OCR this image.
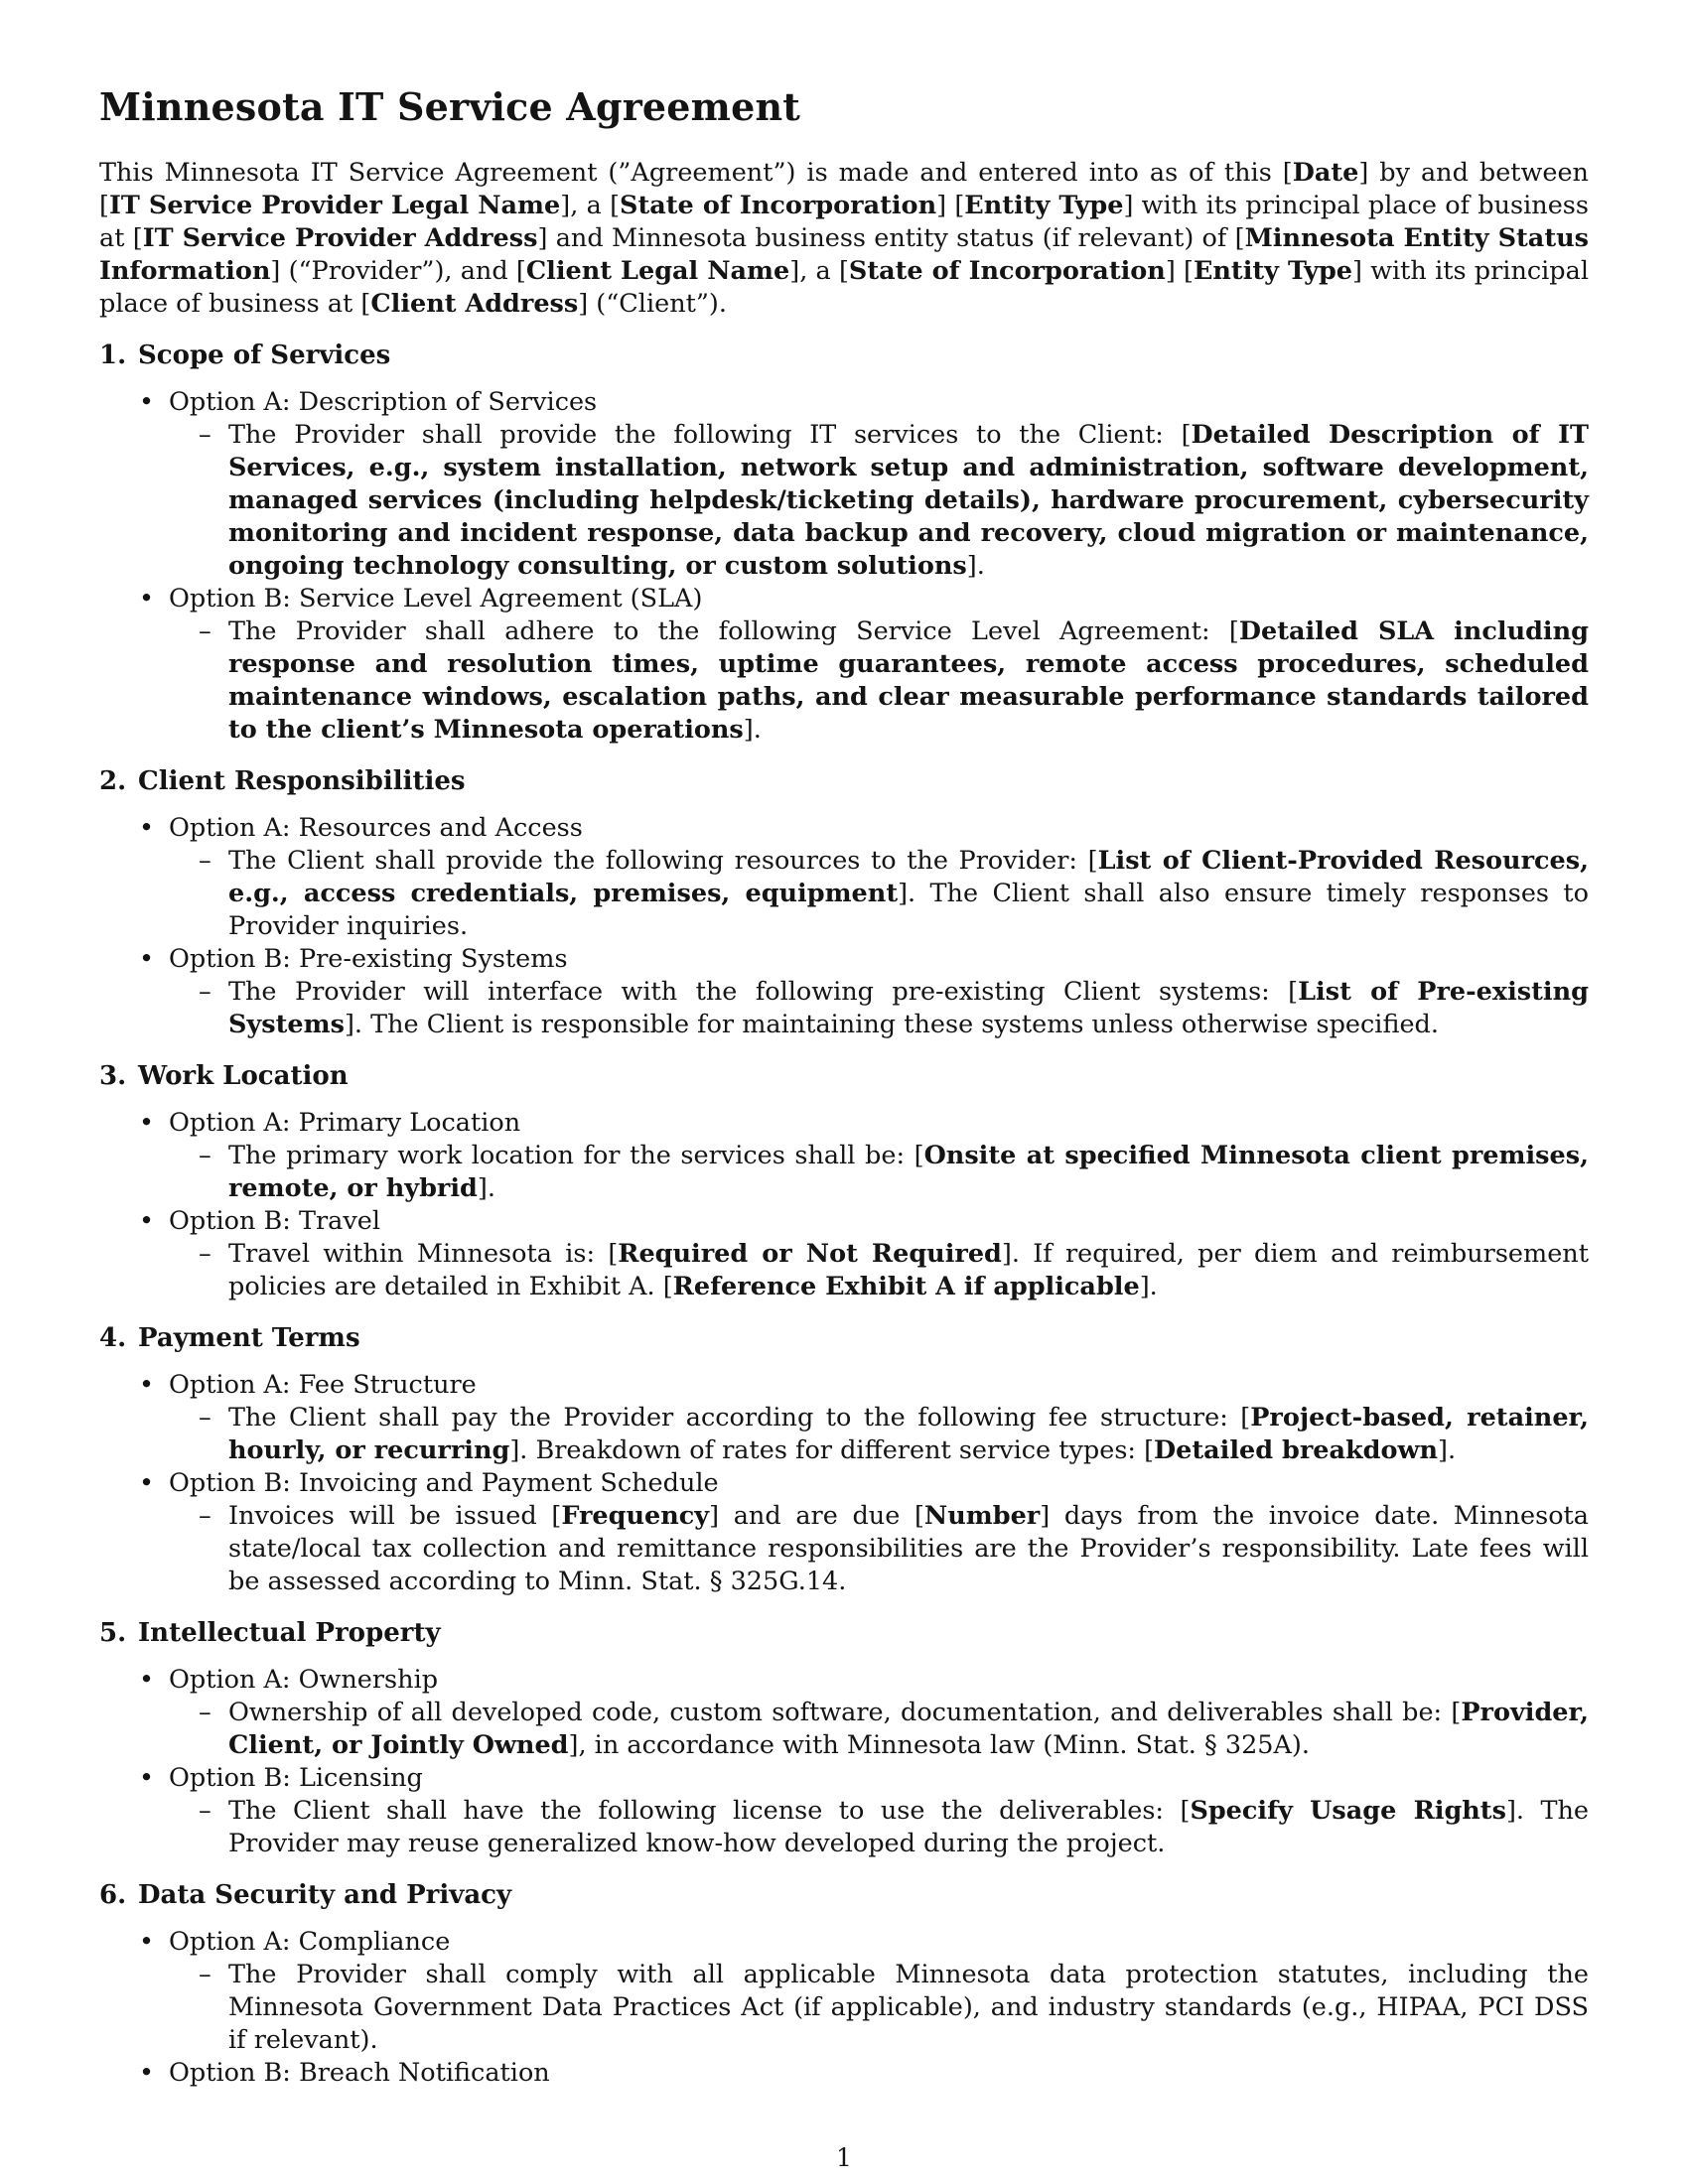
Minnesota IT Service Agreement

This Minnesota IT Service Agreement (”Agreement”) is made and entered into as of this [Date] by and between [IT Service Provider Legal Name], a [State of Incorporation] [Entity Type] with its principal place of business at [IT Service Provider Address] and Minnesota business entity status (if relevant) of [Minnesota Entity Status Information] (“Provider”), and [Client Legal Name], a [State of Incorporation] [Entity Type] with its principal place of business at [Client Address] (“Client”).

1. Scope of Services
• Option A: Description of Services
– The Provider shall provide the following IT services to the Client: [Detailed Description of IT Services, e.g., system installation, network setup and administration, software development, managed services (including helpdesk/ticketing details), hardware procurement, cybersecurity monitoring and incident response, data backup and recovery, cloud migration or maintenance, ongoing technology consulting, or custom solutions].
• Option B: Service Level Agreement (SLA)
– The Provider shall adhere to the following Service Level Agreement: [Detailed SLA including response and resolution times, uptime guarantees, remote access procedures, scheduled maintenance windows, escalation paths, and clear measurable performance standards tailored to the client’s Minnesota operations].
2. Client Responsibilities
• Option A: Resources and Access
– The Client shall provide the following resources to the Provider: [List of Client-Provided Resources, e.g., access credentials, premises, equipment]. The Client shall also ensure timely responses to Provider inquiries.
• Option B: Pre-existing Systems
– The Provider will interface with the following pre-existing Client systems: [List of Pre-existing Systems]. The Client is responsible for maintaining these systems unless otherwise specified.
3. Work Location
• Option A: Primary Location
– The primary work location for the services shall be: [Onsite at specified Minnesota client premises, remote, or hybrid].
• Option B: Travel
– Travel within Minnesota is: [Required or Not Required]. If required, per diem and reimbursement policies are detailed in Exhibit A. [Reference Exhibit A if applicable].
4. Payment Terms
• Option A: Fee Structure
– The Client shall pay the Provider according to the following fee structure: [Project-based, retainer, hourly, or recurring]. Breakdown of rates for different service types: [Detailed breakdown].
• Option B: Invoicing and Payment Schedule
– Invoices will be issued [Frequency] and are due [Number] days from the invoice date. Minnesota state/local tax collection and remittance responsibilities are the Provider’s responsibility. Late fees will be assessed according to Minn. Stat. § 325G.14.
5. Intellectual Property
• Option A: Ownership
– Ownership of all developed code, custom software, documentation, and deliverables shall be: [Provider, Client, or Jointly Owned], in accordance with Minnesota law (Minn. Stat. § 325A).
• Option B: Licensing
– The Client shall have the following license to use the deliverables: [Specify Usage Rights]. The Provider may reuse generalized know-how developed during the project.
6. Data Security and Privacy
• Option A: Compliance
– The Provider shall comply with all applicable Minnesota data protection statutes, including the Minnesota Government Data Practices Act (if applicable), and industry standards (e.g., HIPAA, PCI DSS if relevant).
• Option B: Breach Notification
1
